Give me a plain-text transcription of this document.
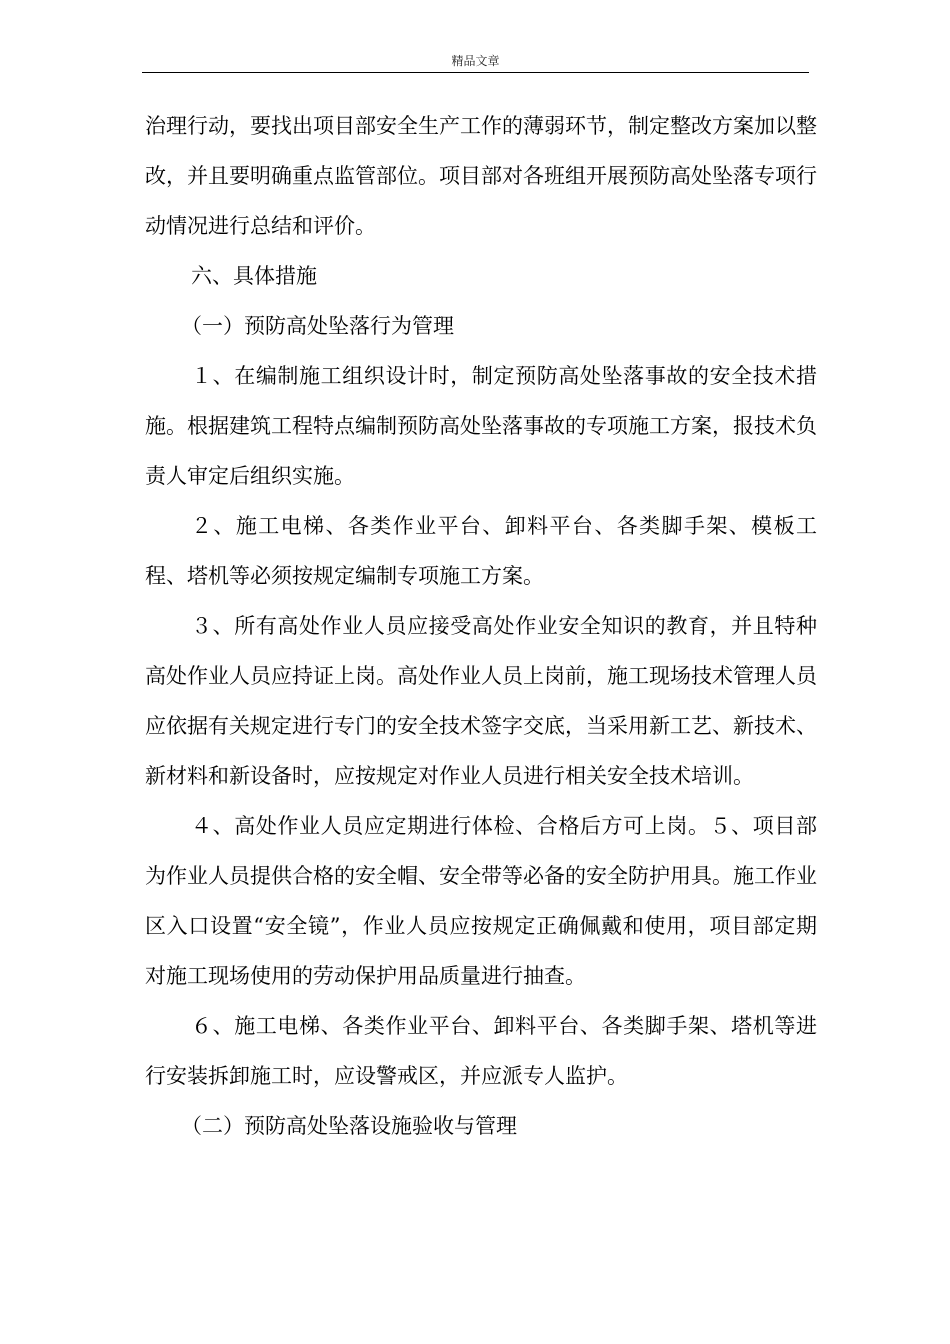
精品文章

治理行动，要找出项目部安全生产工作的薄弱环节，制定整改方案加以整改，并且要明确重点监管部位。项目部对各班组开展预防高处坠落专项行动情况进行总结和评价。

六、具体措施

（一）预防高处坠落行为管理

１、在编制施工组织设计时，制定预防高处坠落事故的安全技术措施。根据建筑工程特点编制预防高处坠落事故的专项施工方案，报技术负责人审定后组织实施。

２、施工电梯、各类作业平台、卸料平台、各类脚手架、模板工程、塔机等必须按规定编制专项施工方案。

３、所有高处作业人员应接受高处作业安全知识的教育，并且特种高处作业人员应持证上岗。高处作业人员上岗前，施工现场技术管理人员应依据有关规定进行专门的安全技术签字交底，当采用新工艺、新技术、新材料和新设备时，应按规定对作业人员进行相关安全技术培训。

４、高处作业人员应定期进行体检、合格后方可上岗。５、项目部为作业人员提供合格的安全帽、安全带等必备的安全防护用具。施工作业区入口设置“安全镜”，作业人员应按规定正确佩戴和使用，项目部定期对施工现场使用的劳动保护用品质量进行抽查。

６、施工电梯、各类作业平台、卸料平台、各类脚手架、塔机等进行安装拆卸施工时，应设警戒区，并应派专人监护。

（二）预防高处坠落设施验收与管理
